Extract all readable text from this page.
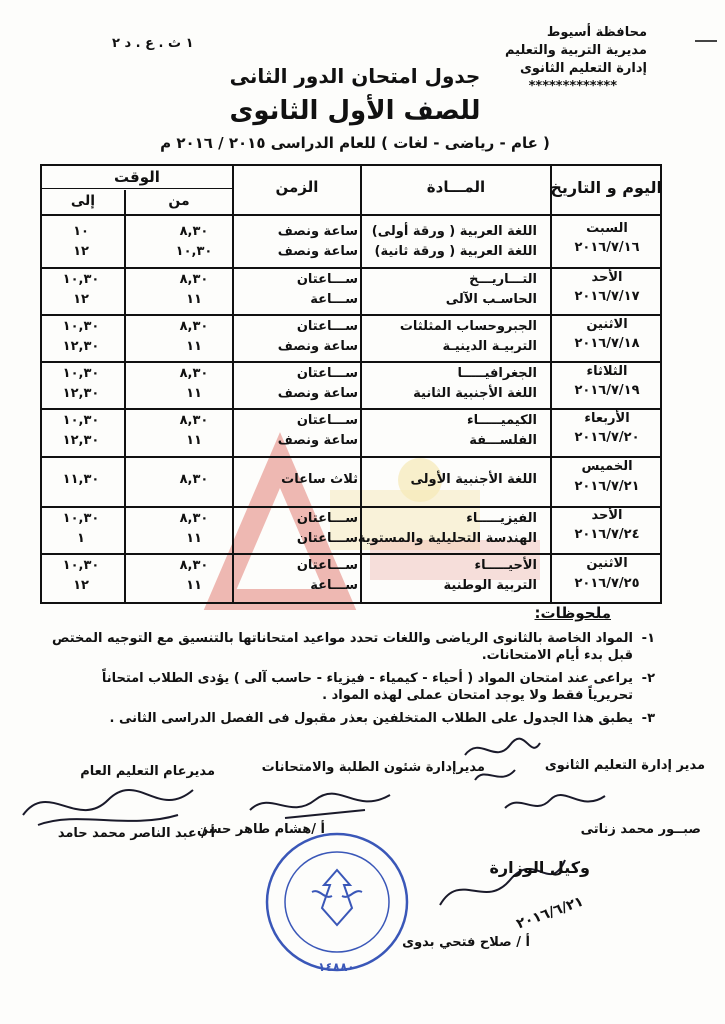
محافظة أسيوط
مديرية التربية والتعليم
إدارة التعليم الثانوى
*************
١ ث . ع . د ٢
جدول امتحان الدور الثانى
للصف الأول الثانوى
( عام - رياضى - لغات ) للعام الدراسى ٢٠١٥ / ٢٠١٦ م
اليوم و التاريخ
المـــادة
الزمن
الوقت
من
إلى
السبت
٢٠١٦/٧/١٦
اللغة العربية ( ورقة أولى)
اللغة العربية ( ورقة ثانية)
ساعة ونصف
ساعة ونصف
٨,٣٠
١٠,٣٠
١٠
١٢
الأحد
٢٠١٦/٧/١٧
التـــاريـــخ
الحاسـب الآلى
ســـاعتان
ســـاعة
٨,٣٠
١١
١٠,٣٠
١٢
الاثنين
٢٠١٦/٧/١٨
الجبروحساب المثلثات
التربيـة الدينيـة
ســـاعتان
ساعة ونصف
٨,٣٠
١١
١٠,٣٠
١٢,٣٠
الثلاثاء
٢٠١٦/٧/١٩
الجغرافيـــــا
اللغة الأجنبية الثانية
ســـاعتان
ساعة ونصف
٨,٣٠
١١
١٠,٣٠
١٢,٣٠
الأربعاء
٢٠١٦/٧/٢٠
الكيميـــــاء
الفلســـفة
ســـاعتان
ساعة ونصف
٨,٣٠
١١
١٠,٣٠
١٢,٣٠
الخميس
٢٠١٦/٧/٢١
اللغة الأجنبية الأولى
ثلاث ساعات
٨,٣٠
١١,٣٠
الأحد
٢٠١٦/٧/٢٤
الفيزيـــــاء
الهندسة التحليلية والمستوية
ســـاعتان
ســـاعتان
٨,٣٠
١١
١٠,٣٠
١
الاثنين
٢٠١٦/٧/٢٥
الأحيـــــاء
التربية الوطنية
ســـاعتان
ســـاعة
٨,٣٠
١١
١٠,٣٠
١٢
ملحوظات:
١-
المواد الخاصة بالثانوى الرياضى واللغات تحدد مواعيد امتحاناتها بالتنسيق مع التوجيه المختص
قبل بدء أيام الامتحانات.
٢-
يراعى عند امتحان المواد ( أحياء - كيمياء - فيزياء - حاسب آلى ) يؤدى الطلاب امتحاناً
تحريرياً فقط ولا يوجد امتحان عملى لهذه المواد .
٣-
يطبق هذا الجدول على الطلاب المتخلفين بعذر مقبول فى الفصل الدراسى الثانى .
مدير إدارة التعليم الثانوى
مديرإدارة شئون الطلبة والامتحانات
مديرعام التعليم العام
صبــور محمد زناتى
أ /هشام طاهر حسن
أ / عبد الناصر محمد حامد
وكيل الوزارة
٢٠١٦/٦/٢١
أ / صلاح فتحي بدوى
١٤٨٨٠
